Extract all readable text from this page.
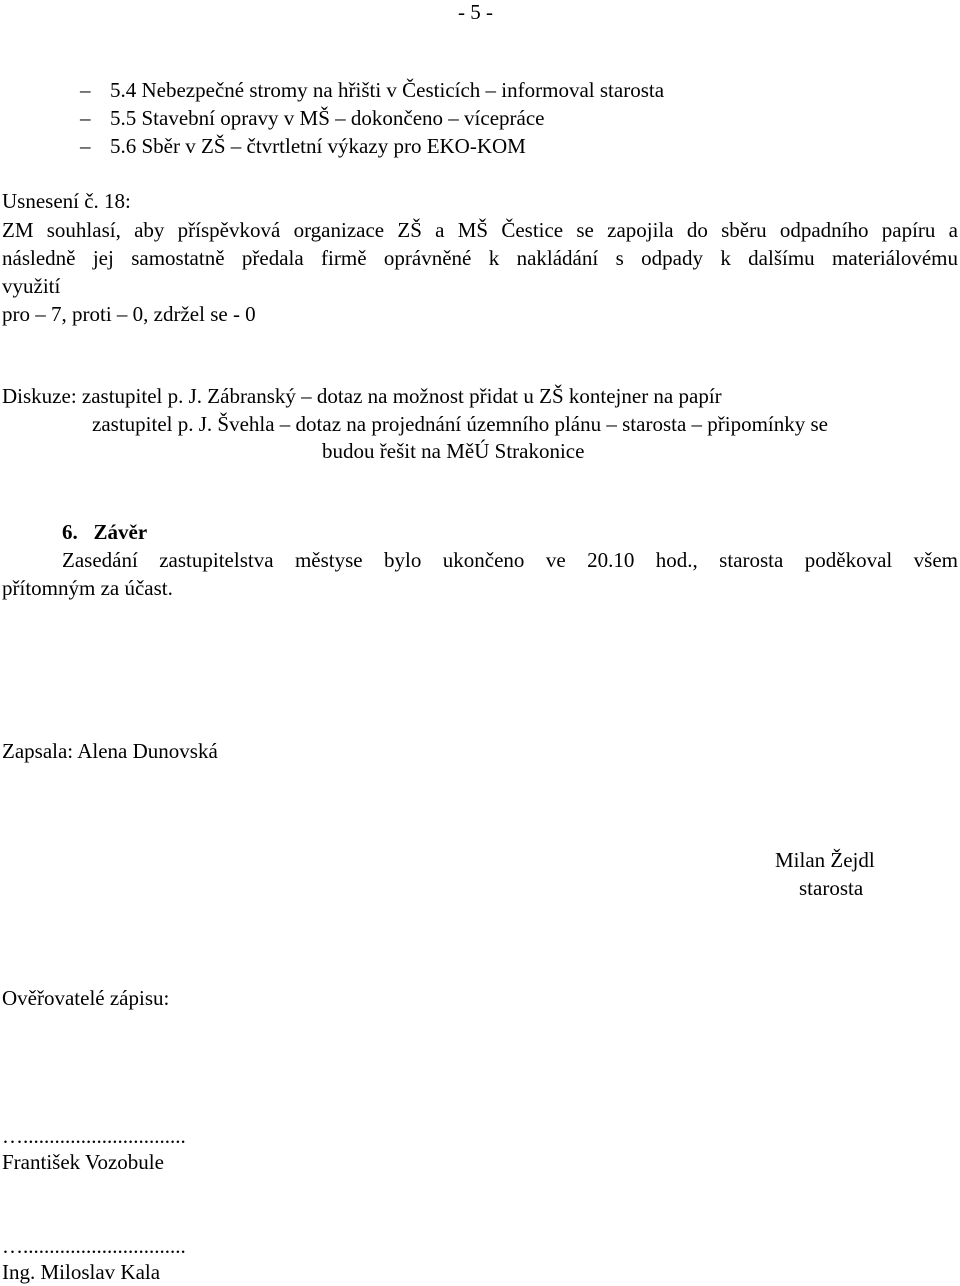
- 5 -
– 5.4 Nebezpečné stromy na hřišti v Česticích – informoval starosta
– 5.5 Stavební opravy v MŠ – dokončeno – vícepráce
– 5.6 Sběr v ZŠ – čtvrtletní výkazy pro EKO-KOM
Usnesení č. 18:
ZM souhlasí, aby příspěvková organizace ZŠ a MŠ Čestice se zapojila do sběru odpadního papíru a
následně jej samostatně předala firmě oprávněné k nakládání s odpady k dalšímu materiálovému
využití
pro – 7, proti – 0, zdržel se - 0
Diskuze: zastupitel p. J. Zábranský – dotaz na možnost přidat u ZŠ kontejner na papír
zastupitel p. J. Švehla – dotaz na projednání územního plánu – starosta – připomínky se
budou řešit na MěÚ Strakonice
6.   Závěr
Zasedání zastupitelstva městyse bylo ukončeno ve 20.10 hod., starosta poděkoval všem
přítomným za účast.
Zapsala: Alena Dunovská
Milan Žejdl
starosta
Ověřovatelé zápisu:
…...............................
František Vozobule
…...............................
Ing. Miloslav Kala
